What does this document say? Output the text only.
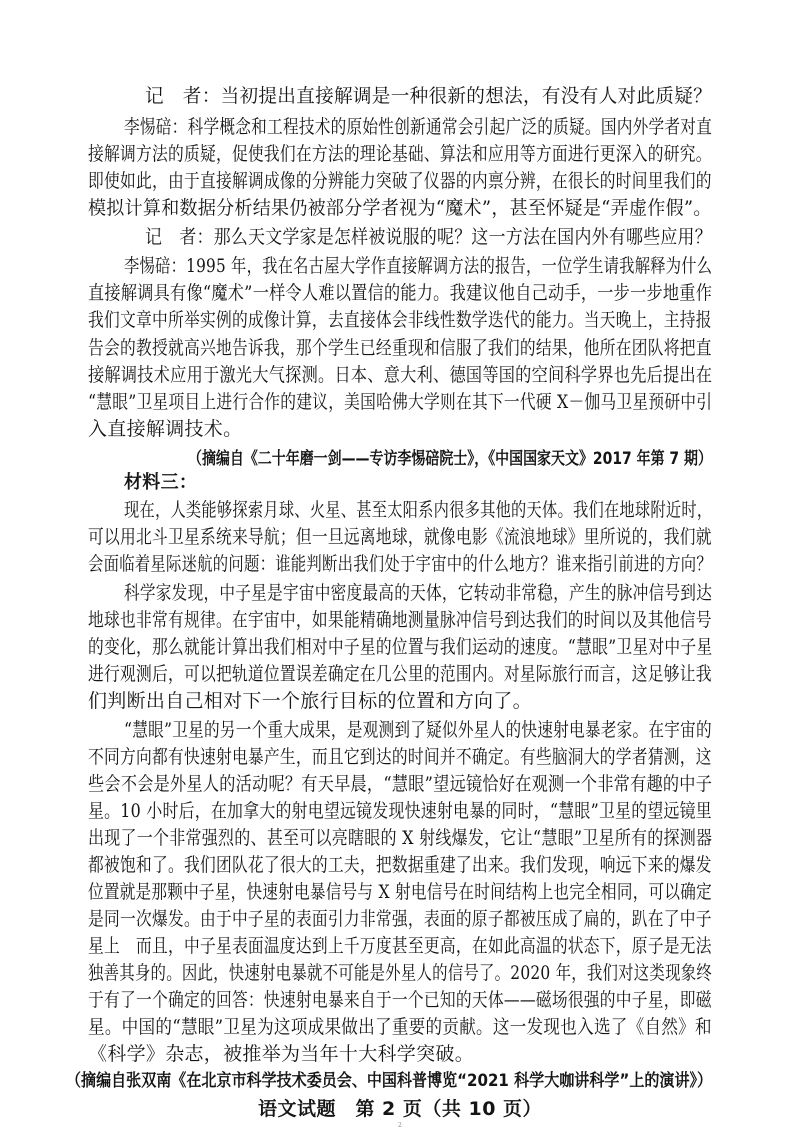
记　者：当初提出直接解调是一种很新的想法，有没有人对此质疑？
李惕碚：科学概念和工程技术的原始性创新通常会引起广泛的质疑。国内外学者对直
接解调方法的质疑，促使我们在方法的理论基础、算法和应用等方面进行更深入的研究。
即使如此，由于直接解调成像的分辨能力突破了仪器的内禀分辨，在很长的时间里我们的
模拟计算和数据分析结果仍被部分学者视为“魔术”，甚至怀疑是“弄虚作假”。
记　者：那么天文学家是怎样被说服的呢？这一方法在国内外有哪些应用？
李惕碚：1995 年，我在名古屋大学作直接解调方法的报告，一位学生请我解释为什么
直接解调具有像“魔术”一样令人难以置信的能力。我建议他自己动手，一步一步地重作
我们文章中所举实例的成像计算，去直接体会非线性数学迭代的能力。当天晚上，主持报
告会的教授就高兴地告诉我，那个学生已经重现和信服了我们的结果，他所在团队将把直
接解调技术应用于激光大气探测。日本、意大利、德国等国的空间科学界也先后提出在
“慧眼”卫星项目上进行合作的建议，美国哈佛大学则在其下一代硬 X－伽马卫星预研中引
入直接解调技术。
（摘编自《二十年磨一剑——专访李惕碚院士》，《中国国家天文》2017 年第 7 期）
材料三：
现在，人类能够探索月球、火星、甚至太阳系内很多其他的天体。我们在地球附近时，
可以用北斗卫星系统来导航；但一旦远离地球，就像电影《流浪地球》里所说的，我们就
会面临着星际迷航的问题：谁能判断出我们处于宇宙中的什么地方？谁来指引前进的方向？
科学家发现，中子星是宇宙中密度最高的天体，它转动非常稳，产生的脉冲信号到达
地球也非常有规律。在宇宙中，如果能精确地测量脉冲信号到达我们的时间以及其他信号
的变化，那么就能计算出我们相对中子星的位置与我们运动的速度。“慧眼”卫星对中子星
进行观测后，可以把轨道位置误差确定在几公里的范围内。对星际旅行而言，这足够让我
们判断出自己相对下一个旅行目标的位置和方向了。
“慧眼”卫星的另一个重大成果，是观测到了疑似外星人的快速射电暴老家。在宇宙的
不同方向都有快速射电暴产生，而且它到达的时间并不确定。有些脑洞大的学者猜测，这
些会不会是外星人的活动呢？有天早晨，“慧眼”望远镜恰好在观测一个非常有趣的中子
星。10 小时后，在加拿大的射电望远镜发现快速射电暴的同时，“慧眼”卫星的望远镜里
出现了一个非常强烈的、甚至可以亮瞎眼的 X 射线爆发，它让“慧眼”卫星所有的探测器
都被饱和了。我们团队花了很大的工夫，把数据重建了出来。我们发现，响远下来的爆发
位置就是那颗中子星，快速射电暴信号与 X 射电信号在时间结构上也完全相同，可以确定
是同一次爆发。由于中子星的表面引力非常强，表面的原子都被压成了扁的，趴在了中子
星上　而且，中子星表面温度达到上千万度甚至更高，在如此高温的状态下，原子是无法
独善其身的。因此，快速射电暴就不可能是外星人的信号了。2020 年，我们对这类现象终
于有了一个确定的回答：快速射电暴来自于一个已知的天体——磁场很强的中子星，即磁
星。中国的“慧眼”卫星为这项成果做出了重要的贡献。这一发现也入选了《自然》和
《科学》杂志，被推举为当年十大科学突破。
（摘编自张双南《在北京市科学技术委员会、中国科普博览“2021 科学大咖讲科学”上的演讲》）
语文试题　第 2 页（共 10 页）
2
